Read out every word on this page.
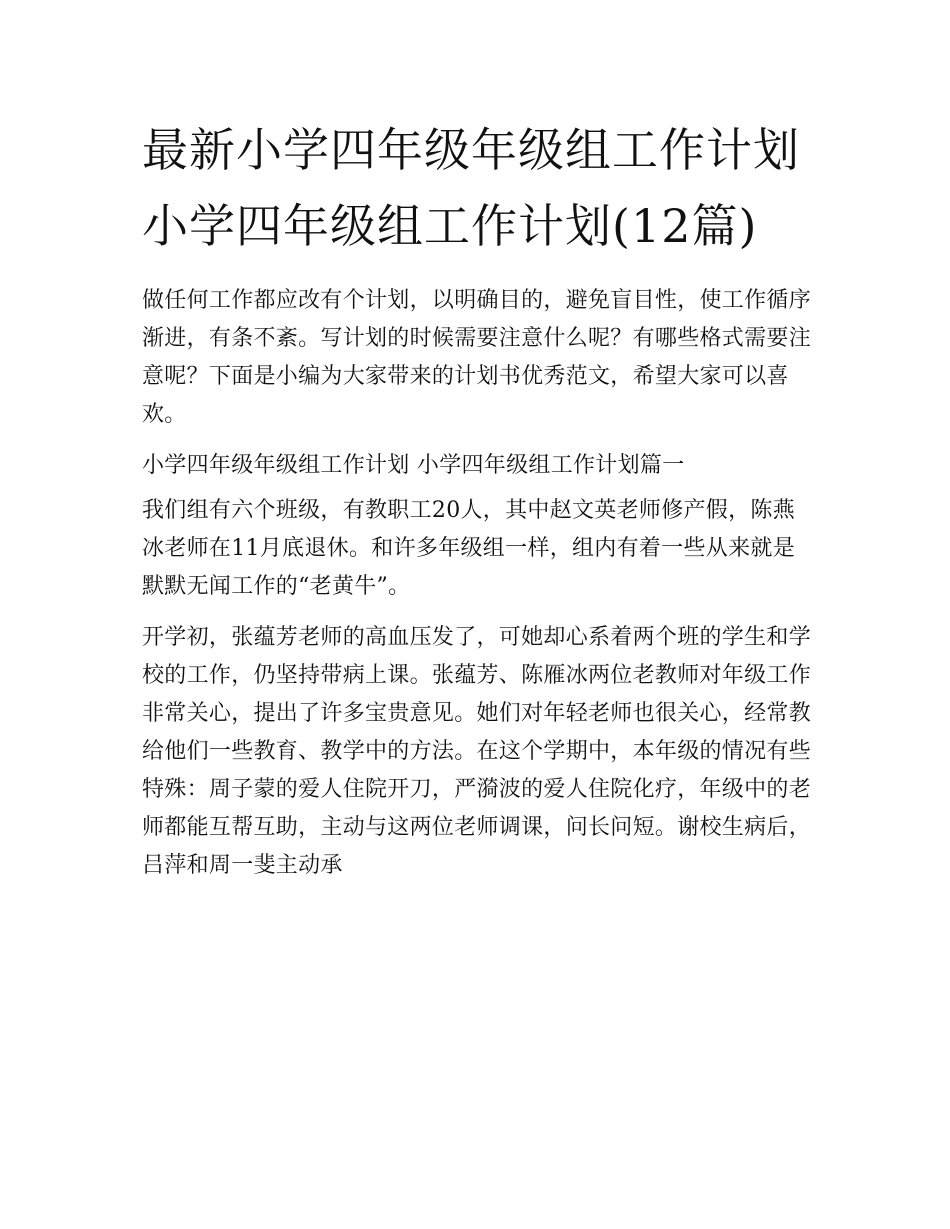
最新小学四年级年级组工作计划 小学四年级组工作计划(12篇)

做任何工作都应改有个计划，以明确目的，避免盲目性，使工作循序渐进，有条不紊。写计划的时候需要注意什么呢？有哪些格式需要注意呢？下面是小编为大家带来的计划书优秀范文，希望大家可以喜欢。

小学四年级年级组工作计划 小学四年级组工作计划篇一

我们组有六个班级，有教职工20人，其中赵文英老师修产假，陈燕冰老师在11月底退休。和许多年级组一样，组内有着一些从来就是默默无闻工作的“老黄牛”。

开学初，张蕴芳老师的高血压发了，可她却心系着两个班的学生和学校的工作，仍坚持带病上课。张蕴芳、陈雁冰两位老教师对年级工作非常关心，提出了许多宝贵意见。她们对年轻老师也很关心，经常教给他们一些教育、教学中的方法。在这个学期中，本年级的情况有些特殊：周子蒙的爱人住院开刀，严漪波的爱人住院化疗，年级中的老师都能互帮互助，主动与这两位老师调课，问长问短。谢校生病后，吕萍和周一斐主动承
